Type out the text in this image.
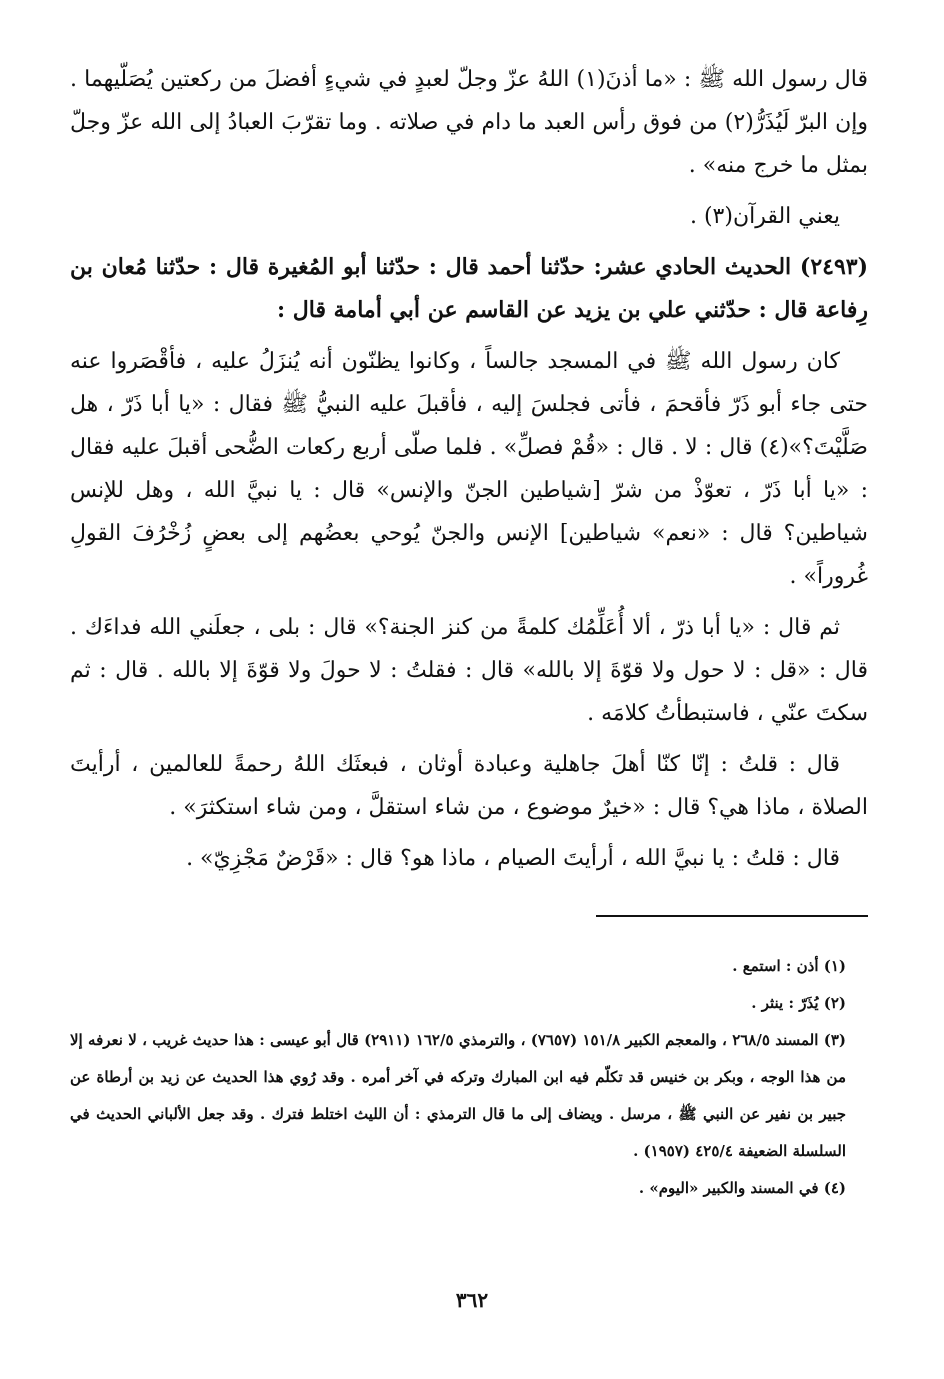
قال رسول الله ﷺ : «ما أذنَ(١) اللهُ عزّ وجلّ لعبدٍ في شيءٍ أفضلَ من ركعتين يُصَلّيهما . وإن البرّ لَيُذَرُّ(٢) من فوق رأس العبد ما دام في صلاته . وما تقرّبَ العبادُ إلى الله عزّ وجلّ بمثل ما خرج منه» .

يعني القرآن(٣) .

(٢٤٩٣) الحديث الحادي عشر: حدّثنا أحمد قال : حدّثنا أبو المُغيرة قال : حدّثنا مُعان بن رِفاعة قال : حدّثني علي بن يزيد عن القاسم عن أبي أمامة قال :

كان رسول الله ﷺ في المسجد جالساً ، وكانوا يظنّون أنه يُنزَلُ عليه ، فأقْصَروا عنه حتى جاء أبو ذَرّ فأقحمَ ، فأتى فجلسَ إليه ، فأقبلَ عليه النبيُّ ﷺ فقال : «يا أبا ذَرّ ، هل صَلَّيْتَ؟»(٤) قال : لا . قال : «قُمْ فصلِّ» . فلما صلّى أربع ركعات الضُّحى أقبلَ عليه فقال : «يا أبا ذَرّ ، تعوّذْ من شرّ [شياطين الجنّ والإنس» قال : يا نبيَّ الله ، وهل للإنس شياطين؟ قال : «نعم» شياطين] الإنس والجنّ يُوحي بعضُهم إلى بعضٍ زُخْرُفَ القولِ غُروراً» .

ثم قال : «يا أبا ذرّ ، ألا أُعَلِّمُك كلمةً من كنز الجنة؟» قال : بلى ، جعلَني الله فداءَك . قال : «قل : لا حول ولا قوّةَ إلا بالله» قال : فقلتُ : لا حولَ ولا قوّةَ إلا بالله . قال : ثم سكتَ عنّي ، فاستبطأتُ كلامَه .

قال : قلتُ : إنّا كنّا أهلَ جاهلية وعبادة أوثان ، فبعثَك اللهُ رحمةً للعالمين ، أرأيتَ الصلاة ، ماذا هي؟ قال : «خيرٌ موضوع ، من شاء استقلَّ ، ومن شاء استكثرَ» .

قال : قلتُ : يا نبيَّ الله ، أرأيتَ الصيام ، ماذا هو؟ قال : «قَرْضٌ مَجْزِيّ» .

(١) أذن : استمع .

(٢) يُذَرّ : ينثر .

(٣) المسند ٢٦٨/٥ ، والمعجم الكبير ١٥١/٨ (٧٦٥٧) ، والترمذي ١٦٢/٥ (٢٩١١) قال أبو عيسى : هذا حديث غريب ، لا نعرفه إلا من هذا الوجه ، وبكر بن خنيس قد تكلّم فيه ابن المبارك وتركه في آخر أمره . وقد رُوي هذا الحديث عن زيد بن أرطاة عن جبير بن نفير عن النبي ﷺ ، مرسل . ويضاف إلى ما قال الترمذي : أن الليث اختلط فترك . وقد جعل الألباني الحديث في السلسلة الضعيفة ٤٢٥/٤ (١٩٥٧) .

(٤) في المسند والكبير «اليوم» .

٣٦٢
